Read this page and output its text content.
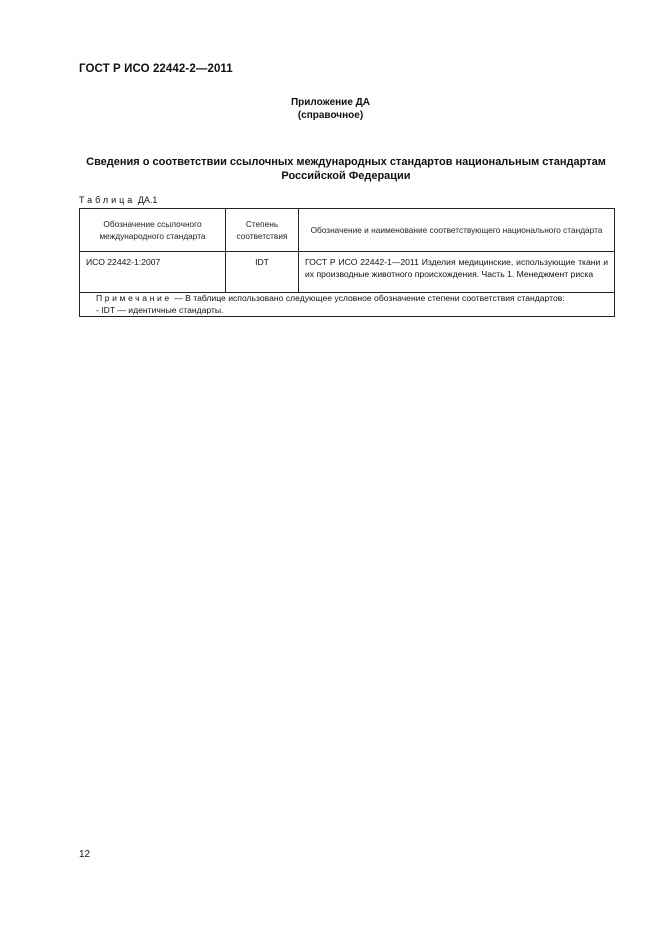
ГОСТ Р ИСО 22442-2—2011
Приложение ДА
(справочное)
Сведения о соответствии ссылочных международных стандартов национальным стандартам
Российской Федерации
Таблица ДА.1
Обозначение ссылочного международного стандарта	Степень соответствия	Обозначение и наименование соответствующего национального стандарта
ИСО 22442-1:2007	IDT	ГОСТ Р ИСО 22442-1—2011 Изделия медицинские, использующие ткани и их производные животного происхождения. Часть 1. Менеджмент риска

Примечание — В таблице использовано следующее условное обозначение степени соответствия стандартов:
- IDT — идентичные стандарты.		
12
